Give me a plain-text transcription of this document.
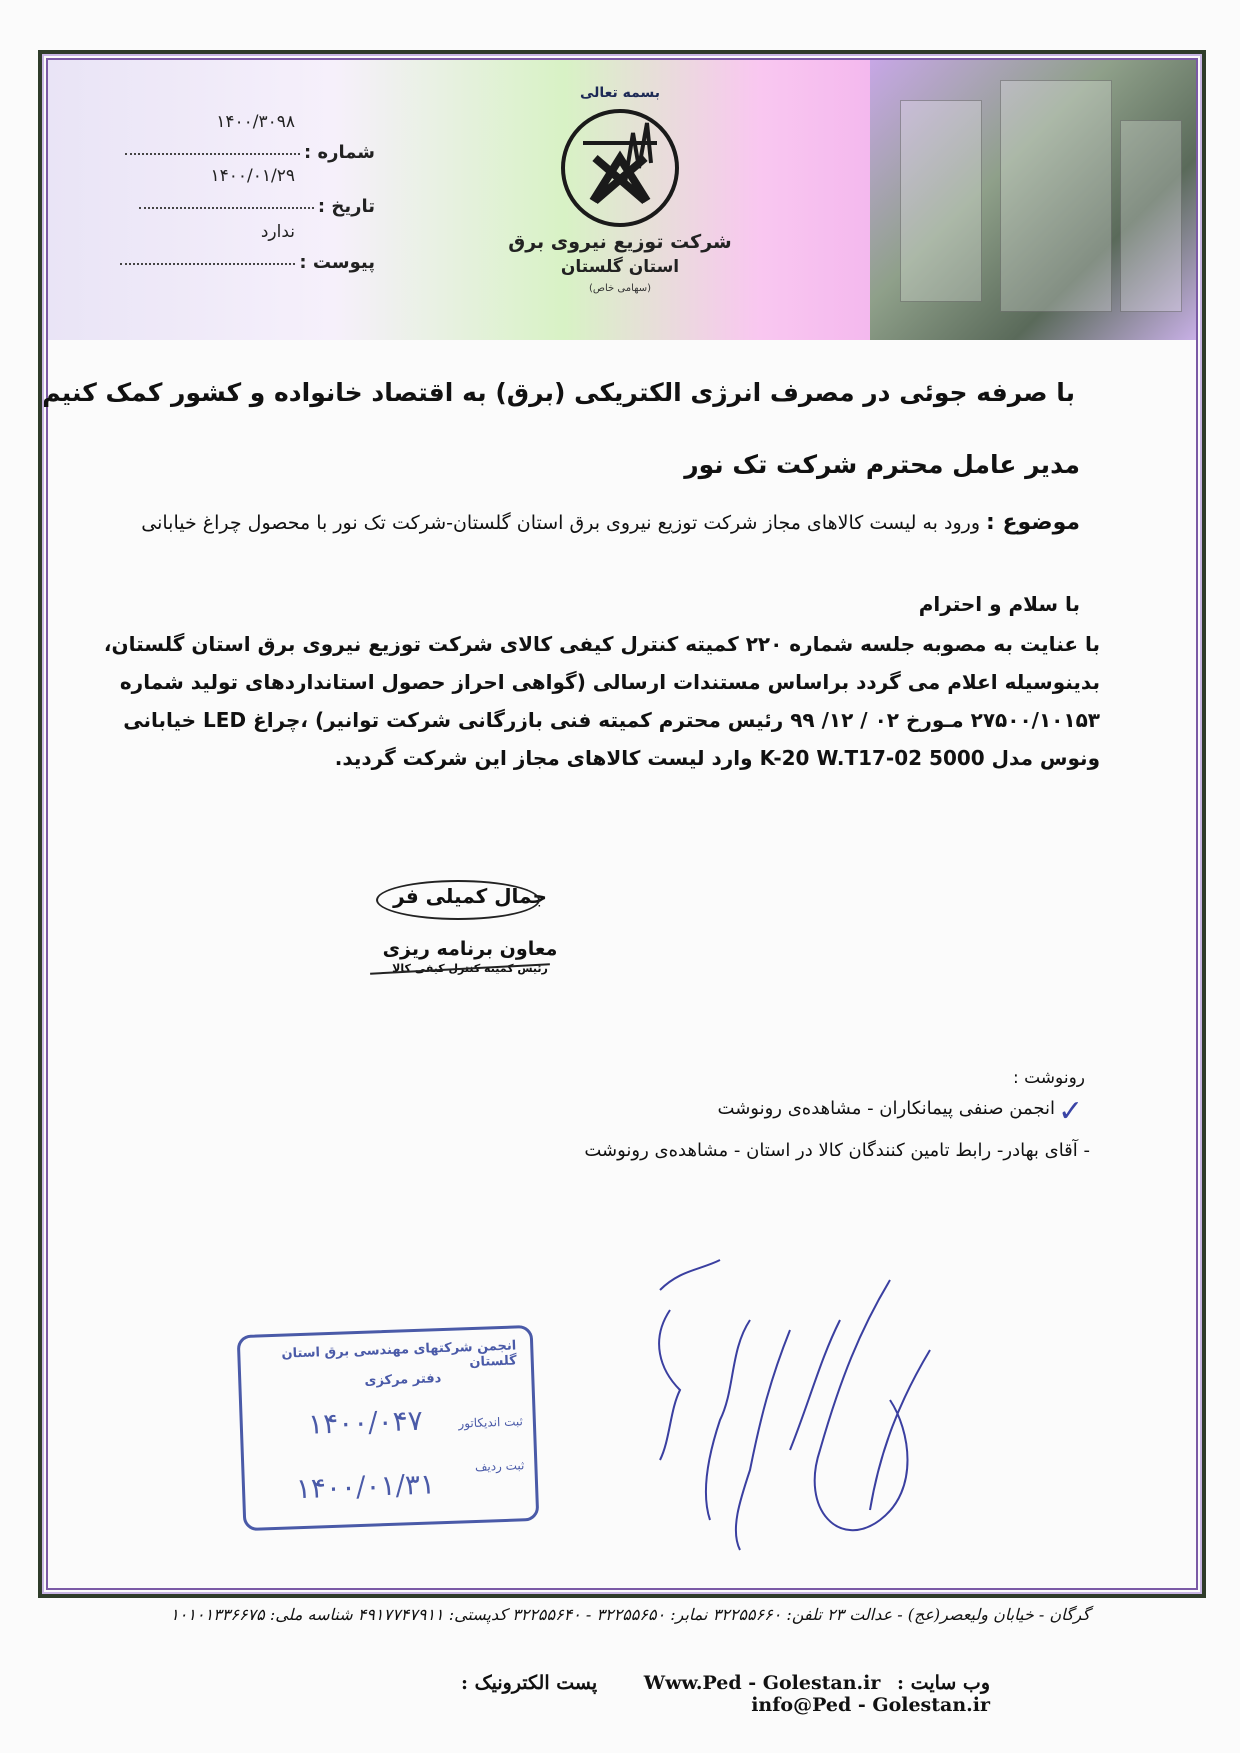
۱۴۰۰/۳۰۹۸
شماره :
۱۴۰۰/۰۱/۲۹
تاریخ :
ندارد
پیوست :
بسمه تعالی
شرکت توزیع نیروی برق
استان گلستان
(سهامی خاص)
با صرفه جوئی در مصرف انرژی الکتریکی (برق) به اقتصاد خانواده و کشور کمک کنیم
مدیر عامل محترم شرکت تک نور
موضوع : ورود به لیست کالاهای مجاز شرکت توزیع نیروی برق استان گلستان-شرکت تک نور با محصول چراغ خیابانی
با سلام و احترام
با عنایت به مصوبه جلسه شماره ۲۲۰ کمیته کنترل کیفی کالای شرکت توزیع نیروی برق استان گلستان، بدینوسیله اعلام می گردد براساس مستندات ارسالی (گواهی احراز حصول استانداردهای تولید شماره ۲۷۵۰۰/۱۰۱۵۳ مـورخ ۰۲ / ۱۲/ ۹۹ رئیس محترم کمیته فنی بازرگانی شرکت توانیر) ،چراغ LED خیابانی ونوس مدل 5000 K-20 W.T17-02 وارد لیست کالاهای مجاز این شرکت گردید.
جمال کمیلی فر
معاون برنامه ریزی
رئیس کمیته کنترل کیفی کالا
رونوشت :
✓
انجمن صنفی پیمانکاران - مشاهده‌ی رونوشت
- آقای بهادر- رابط تامین کنندگان کالا در استان - مشاهده‌ی رونوشت
انجمن شرکتهای مهندسی برق استان گلستان
دفتر مرکزی
ثبت اندیکاتور
۱۴۰۰/۰۴۷
ثبت ردیف
۱۴۰۰/۰۱/۳۱
گرگان - خیابان ولیعصر(عج) - عدالت ۲۳ تلفن: ۳۲۲۵۵۶۶۰ نمابر: ۳۲۲۵۵۶۵۰ - ۳۲۲۵۵۶۴۰ کدپستی: ۴۹۱۷۷۴۷۹۱۱ شناسه ملی: ۱۰۱۰۱۳۳۶۶۷۵
وب سایت : Www.Ped - Golestan.ir پست الکترونیک : info@Ped - Golestan.ir
